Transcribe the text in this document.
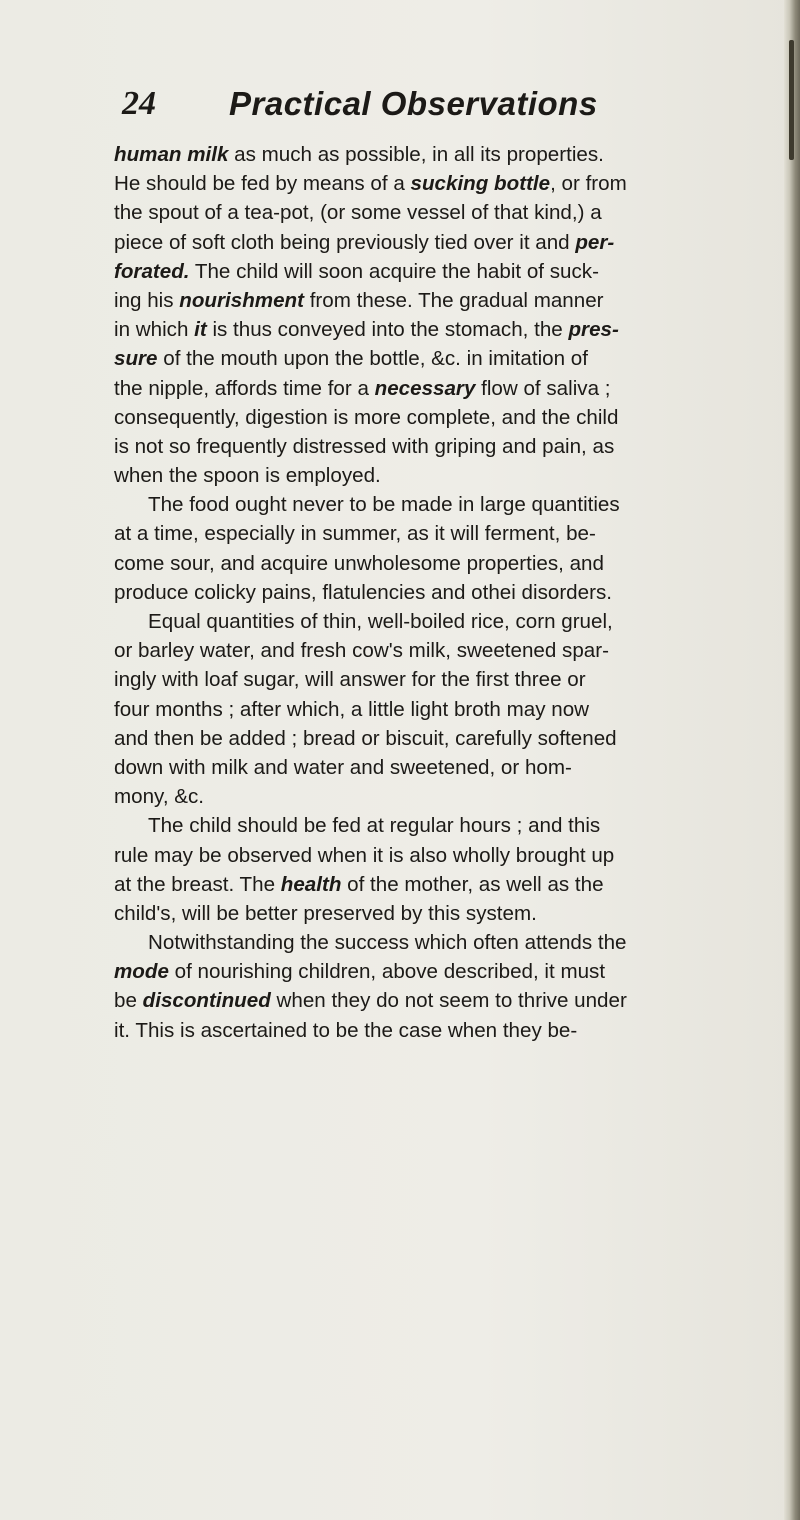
24 Practical Observations
human milk as much as possible, in all its properties.
He should be fed by means of a sucking bottle, or from
the spout of a tea-pot, (or some vessel of that kind,) a
piece of soft cloth being previously tied over it and per-
forated. The child will soon acquire the habit of suck-
ing his nourishment from these. The gradual manner
in which it is thus conveyed into the stomach, the pres-
sure of the mouth upon the bottle, &c. in imitation of
the nipple, affords time for a necessary flow of saliva ;
consequently, digestion is more complete, and the child
is not so frequently distressed with griping and pain, as
when the spoon is employed.
The food ought never to be made in large quantities
at a time, especially in summer, as it will ferment, be-
come sour, and acquire unwholesome properties, and
produce colicky pains, flatulencies and othei disorders.
Equal quantities of thin, well-boiled rice, corn gruel,
or barley water, and fresh cow's milk, sweetened spar-
ingly with loaf sugar, will answer for the first three or
four months ; after which, a little light broth may now
and then be added ; bread or biscuit, carefully softened
down with milk and water and sweetened, or hom-
mony, &c.
The child should be fed at regular hours ; and this
rule may be observed when it is also wholly brought up
at the breast. The health of the mother, as well as the
child's, will be better preserved by this system.
Notwithstanding the success which often attends the
mode of nourishing children, above described, it must
be discontinued when they do not seem to thrive under
it. This is ascertained to be the case when they be-
